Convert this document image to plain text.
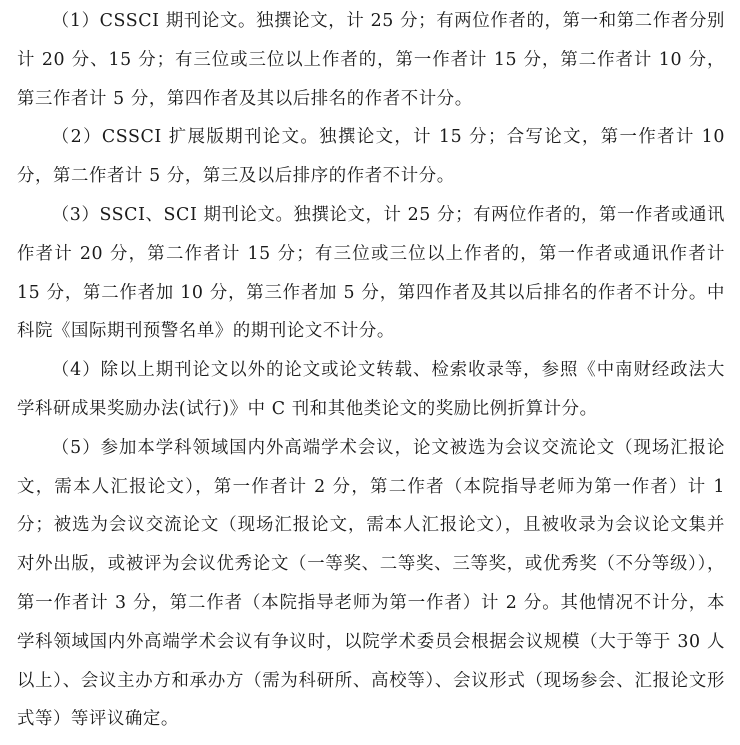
（1）CSSCI 期刊论文。独撰论文，计 25 分；有两位作者的，第一和第二作者分别计 20 分、15 分；有三位或三位以上作者的，第一作者计 15 分，第二作者计 10 分，第三作者计 5 分，第四作者及其以后排名的作者不计分。

（2）CSSCI 扩展版期刊论文。独撰论文，计 15 分；合写论文，第一作者计 10 分，第二作者计 5 分，第三及以后排序的作者不计分。

（3）SSCI、SCI 期刊论文。独撰论文，计 25 分；有两位作者的，第一作者或通讯作者计 20 分，第二作者计 15 分；有三位或三位以上作者的，第一作者或通讯作者计 15 分，第二作者加 10 分，第三作者加 5 分，第四作者及其以后排名的作者不计分。中科院《国际期刊预警名单》的期刊论文不计分。

（4）除以上期刊论文以外的论文或论文转载、检索收录等，参照《中南财经政法大学科研成果奖励办法(试行)》中 C 刊和其他类论文的奖励比例折算计分。

（5）参加本学科领域国内外高端学术会议，论文被选为会议交流论文（现场汇报论文，需本人汇报论文），第一作者计 2 分，第二作者（本院指导老师为第一作者）计 1 分；被选为会议交流论文（现场汇报论文，需本人汇报论文），且被收录为会议论文集并对外出版，或被评为会议优秀论文（一等奖、二等奖、三等奖，或优秀奖（不分等级）），第一作者计 3 分，第二作者（本院指导老师为第一作者）计 2 分。其他情况不计分，本学科领域国内外高端学术会议有争议时，以院学术委员会根据会议规模（大于等于 30 人以上）、会议主办方和承办方（需为科研所、高校等）、会议形式（现场参会、汇报论文形式等）等评议确定。
